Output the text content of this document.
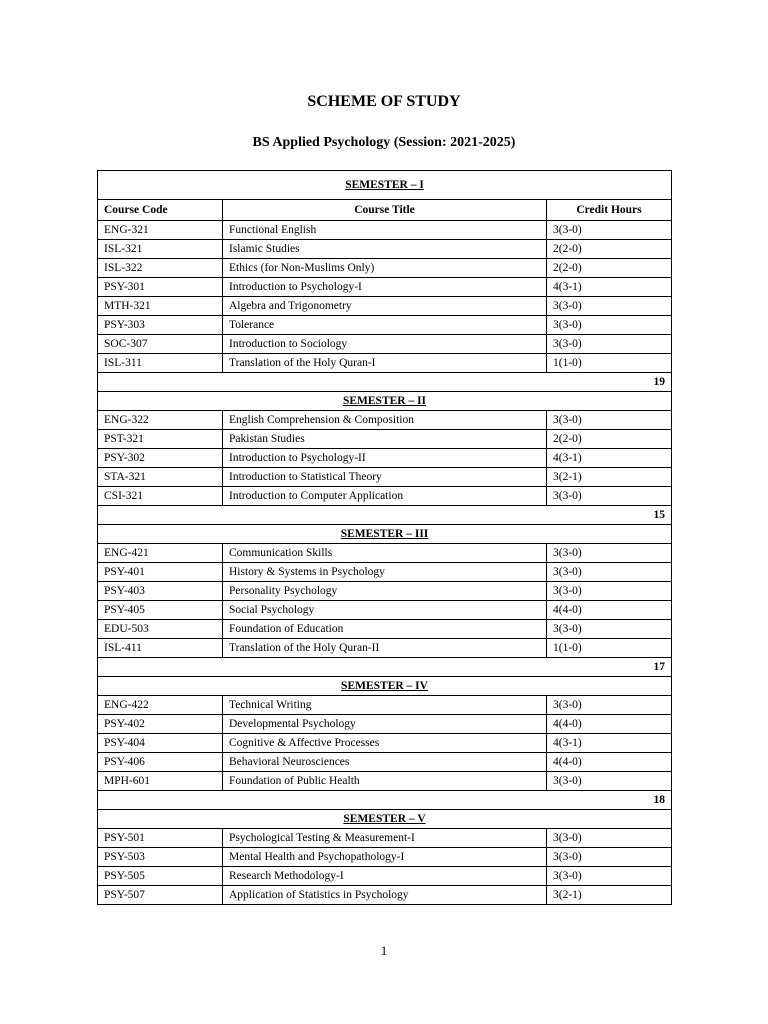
SCHEME OF STUDY
BS Applied Psychology (Session: 2021-2025)
SEMESTER – I		
Course Code	Course Title	Credit Hours
ENG-321	Functional English	3(3-0)
ISL-321	Islamic Studies	2(2-0)
ISL-322	Ethics (for Non-Muslims Only)	2(2-0)
PSY-301	Introduction to Psychology-I	4(3-1)
MTH-321	Algebra and Trigonometry	3(3-0)
PSY-303	Tolerance	3(3-0)
SOC-307	Introduction to Sociology	3(3-0)
ISL-311	Translation of the Holy Quran-I	1(1-0)
19		
SEMESTER – II		
ENG-322	English Comprehension & Composition	3(3-0)
PST-321	Pakistan Studies	2(2-0)
PSY-302	Introduction to Psychology-II	4(3-1)
STA-321	Introduction to Statistical Theory	3(2-1)
CSI-321	Introduction to Computer Application	3(3-0)
15		
SEMESTER – III		
ENG-421	Communication Skills	3(3-0)
PSY-401	History & Systems in Psychology	3(3-0)
PSY-403	Personality Psychology	3(3-0)
PSY-405	Social Psychology	4(4-0)
EDU-503	Foundation of Education	3(3-0)
ISL-411	Translation of the Holy Quran-II	1(1-0)
17		
SEMESTER – IV		
ENG-422	Technical Writing	3(3-0)
PSY-402	Developmental Psychology	4(4-0)
PSY-404	Cognitive & Affective Processes	4(3-1)
PSY-406	Behavioral Neurosciences	4(4-0)
MPH-601	Foundation of Public Health	3(3-0)
18		
SEMESTER – V		
PSY-501	Psychological Testing & Measurement-I	3(3-0)
PSY-503	Mental Health and Psychopathology-I	3(3-0)
PSY-505	Research Methodology-I	3(3-0)
PSY-507	Application of Statistics in Psychology	3(2-1)
1
